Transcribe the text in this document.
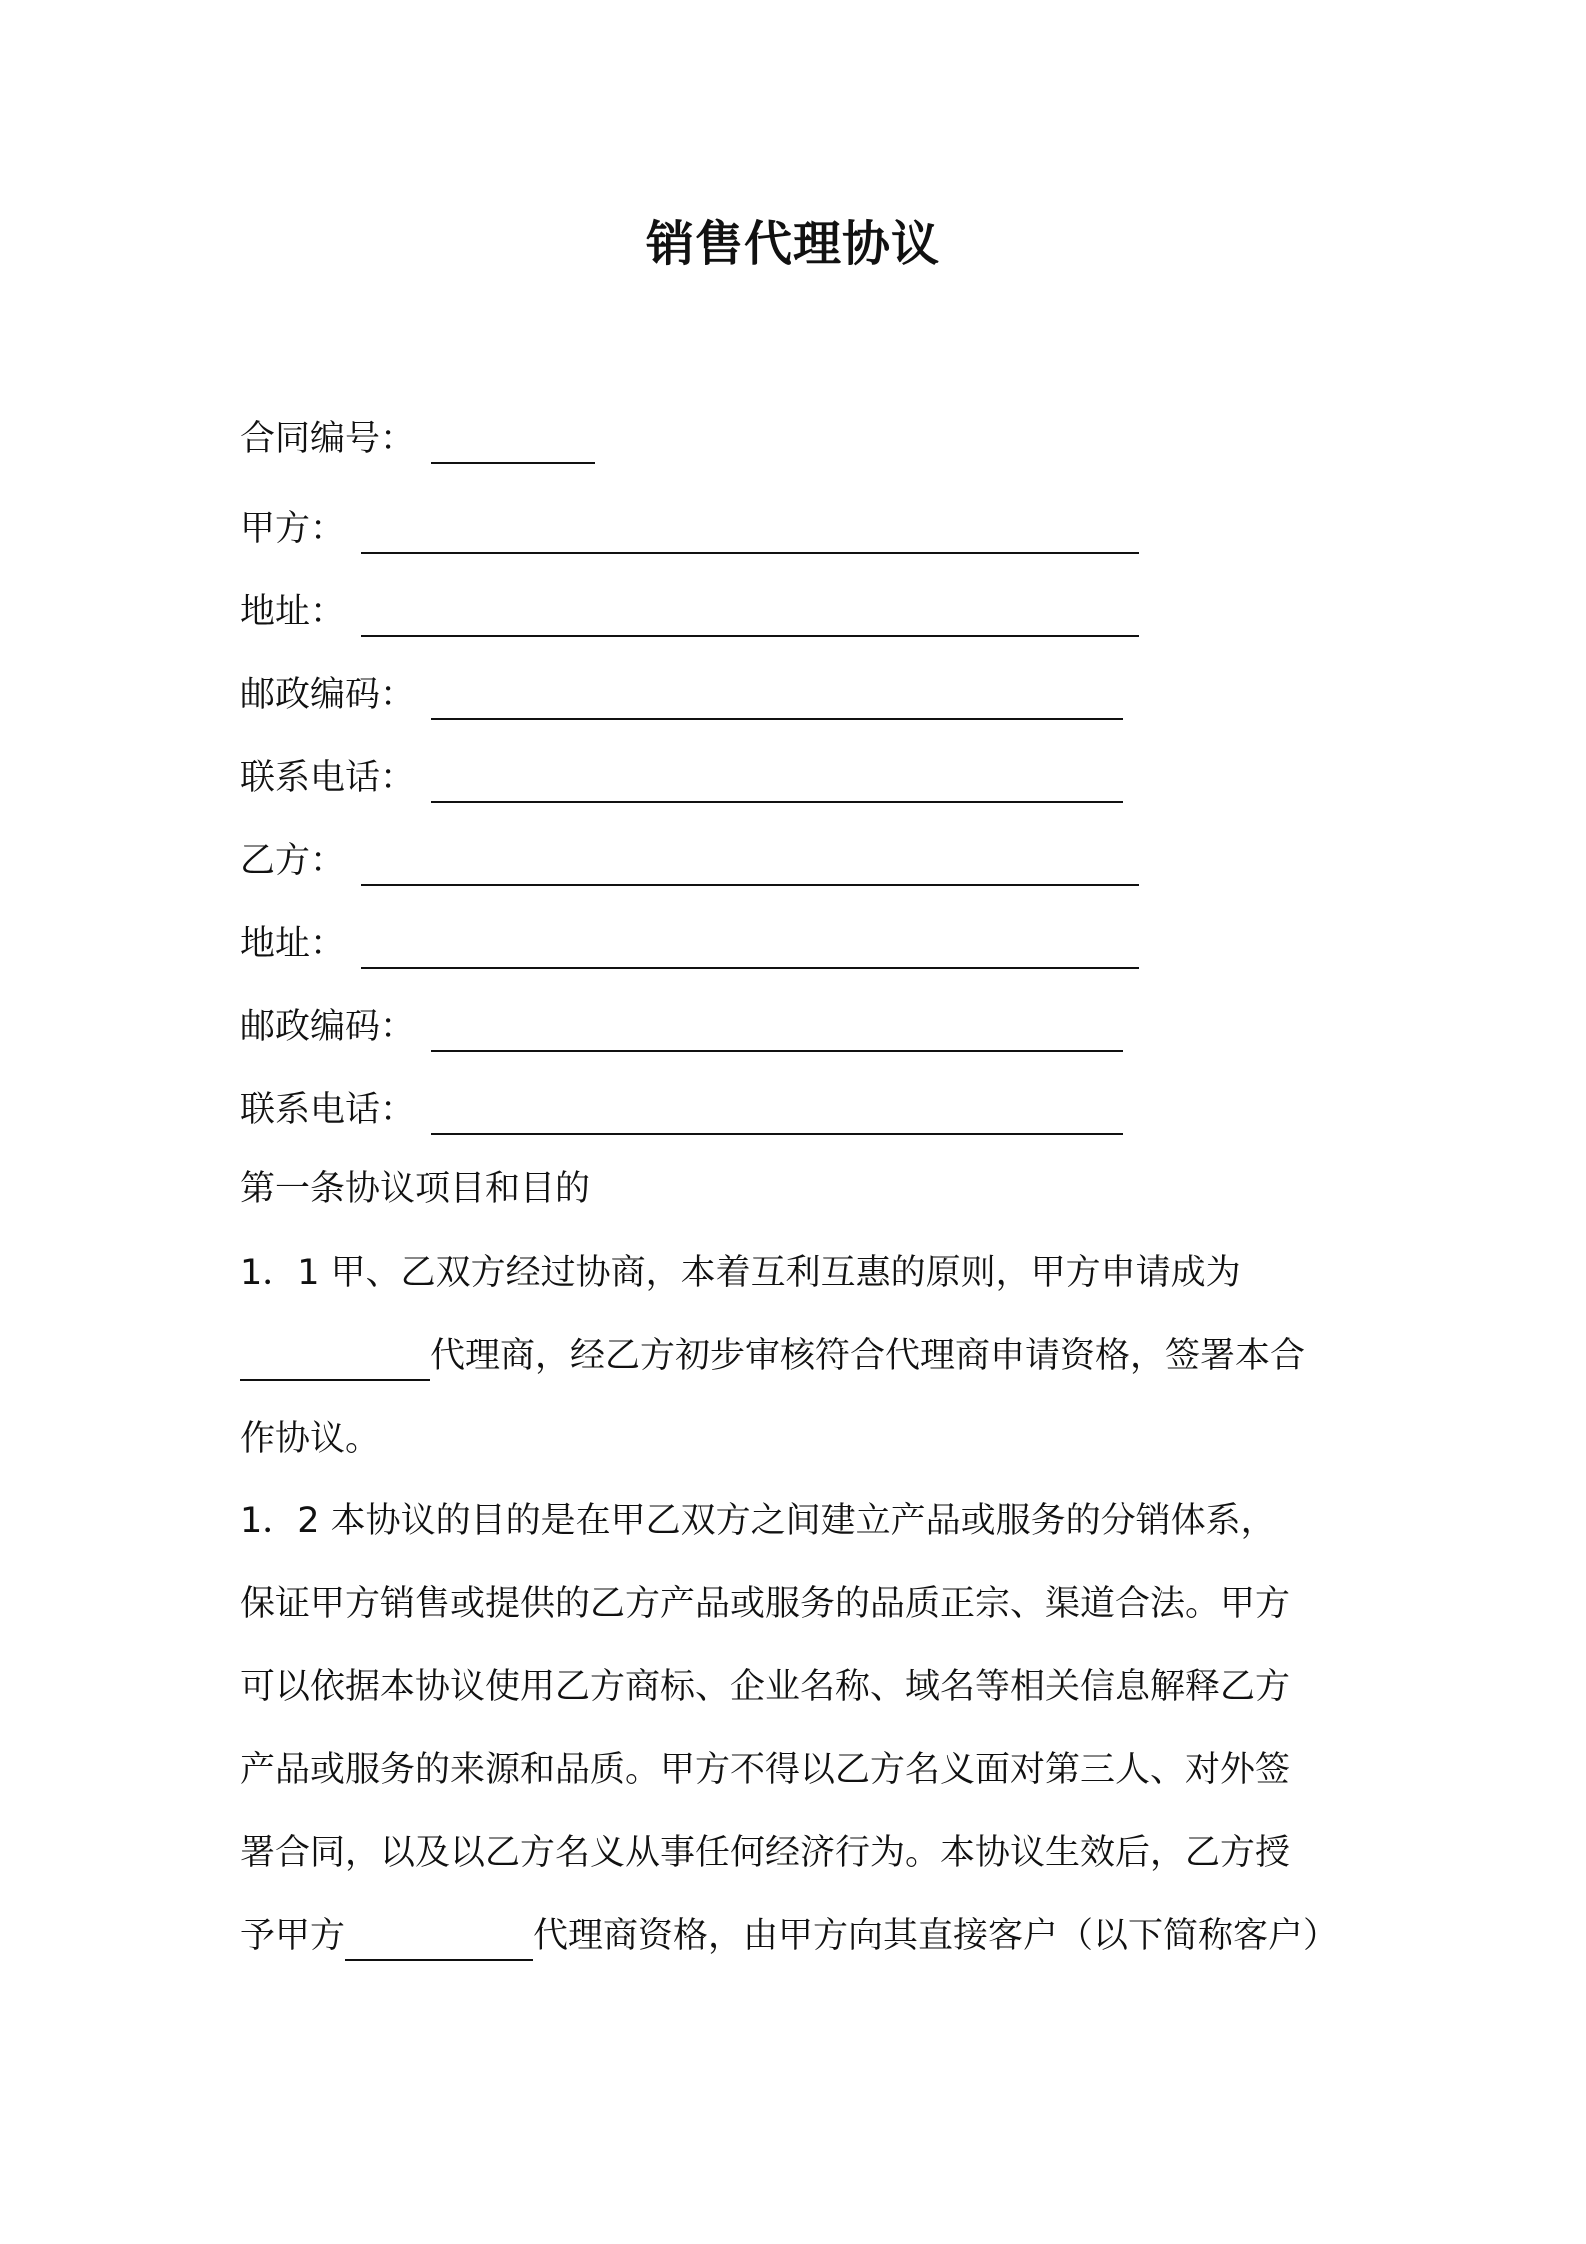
销售代理协议
合同编号：
甲方：
地址：
邮政编码：
联系电话：
乙方：
地址：
邮政编码：
联系电话：
第一条协议项目和目的
1．1 甲、乙双方经过协商，本着互利互惠的原则，甲方申请成为
代理商，经乙方初步审核符合代理商申请资格，签署本合
作协议。
1．2 本协议的目的是在甲乙双方之间建立产品或服务的分销体系，
保证甲方销售或提供的乙方产品或服务的品质正宗、渠道合法。甲方
可以依据本协议使用乙方商标、企业名称、域名等相关信息解释乙方
产品或服务的来源和品质。甲方不得以乙方名义面对第三人、对外签
署合同，以及以乙方名义从事任何经济行为。本协议生效后，乙方授
予甲方	代理商资格，由甲方向其直接客户（以下简称客户）
